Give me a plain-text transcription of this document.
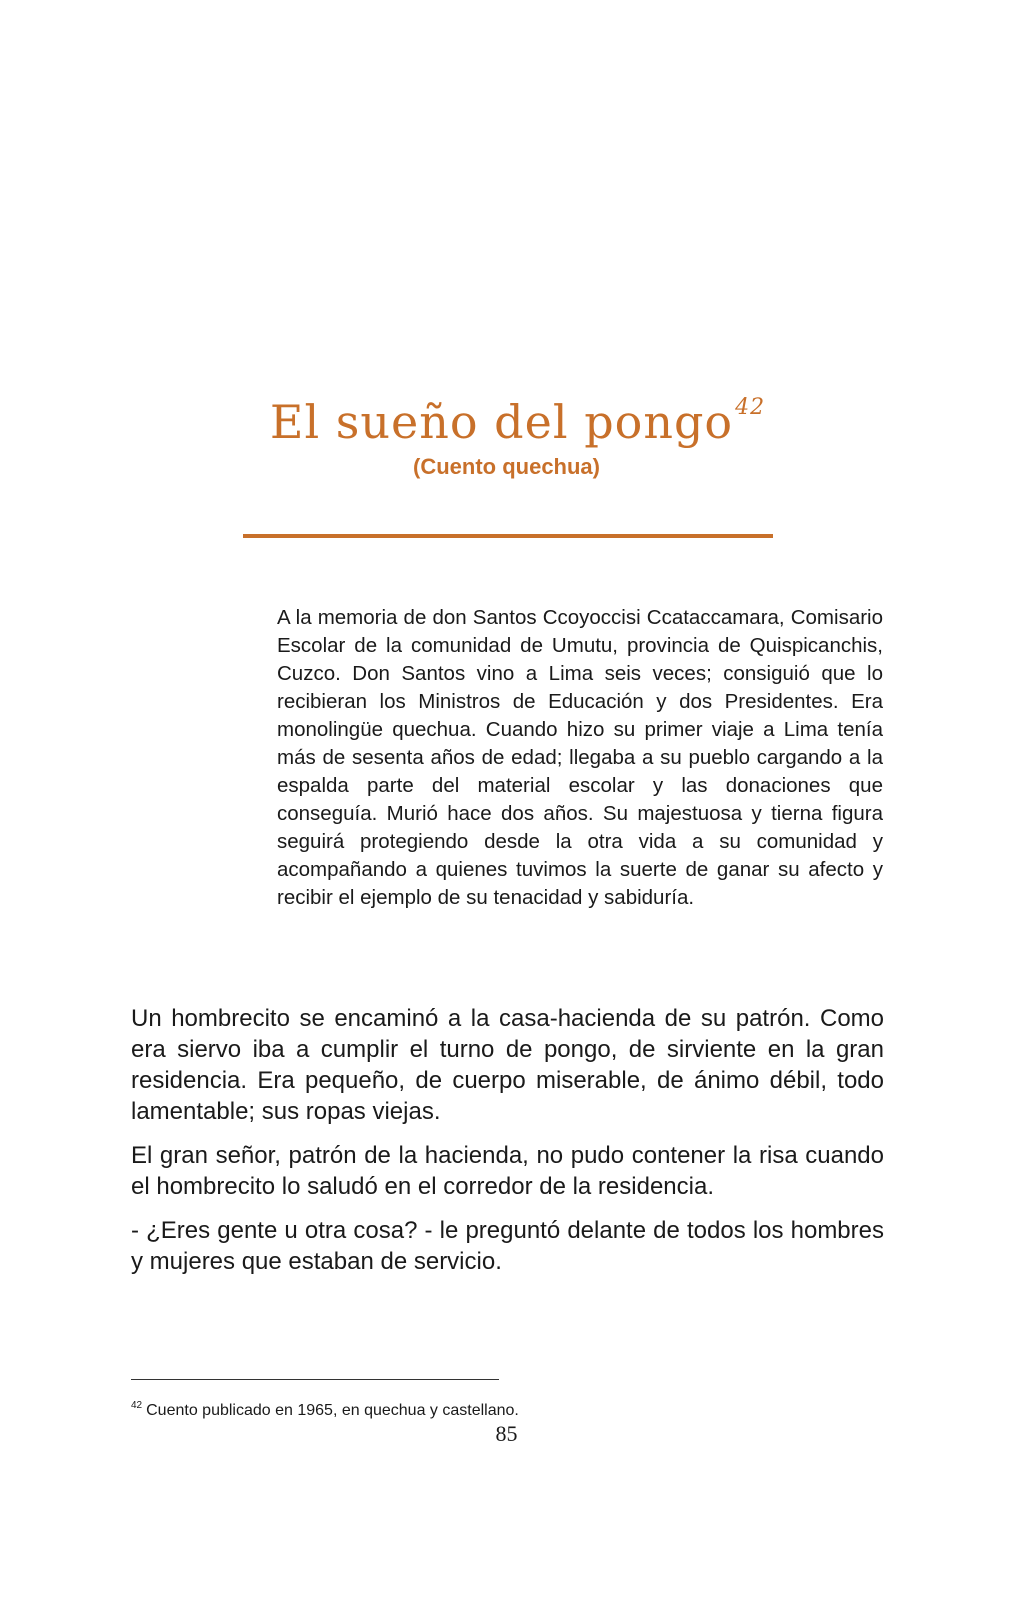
El sueño del pongo$^{42}$
(Cuento quechua)

A la memoria de don Santos Ccoyoccisi Ccataccamara, Comisario Escolar de la comunidad de Umutu, provincia de Quispicanchis, Cuzco. Don Santos vino a Lima seis veces; consiguió que lo recibieran los Ministros de Educación y dos Presidentes. Era monolingüe quechua. Cuando hizo su primer viaje a Lima tenía más de sesenta años de edad; llegaba a su pueblo cargando a la espalda parte del material escolar y las donaciones que conseguía. Murió hace dos años. Su majestuosa y tierna figura seguirá protegiendo desde la otra vida a su comunidad y acompañando a quienes tuvimos la suerte de ganar su afecto y recibir el ejemplo de su tenacidad y sabiduría.

Un hombrecito se encaminó a la casa-hacienda de su patrón. Como era siervo iba a cumplir el turno de pongo, de sirviente en la gran residencia. Era pequeño, de cuerpo miserable, de ánimo débil, todo lamentable; sus ropas viejas.

El gran señor, patrón de la hacienda, no pudo contener la risa cuando el hombrecito lo saludó en el corredor de la residencia.

- ¿Eres gente u otra cosa? - le preguntó delante de todos los hombres y mujeres que estaban de servicio.

$^{42}$ Cuento publicado en 1965, en quechua y castellano.
85
